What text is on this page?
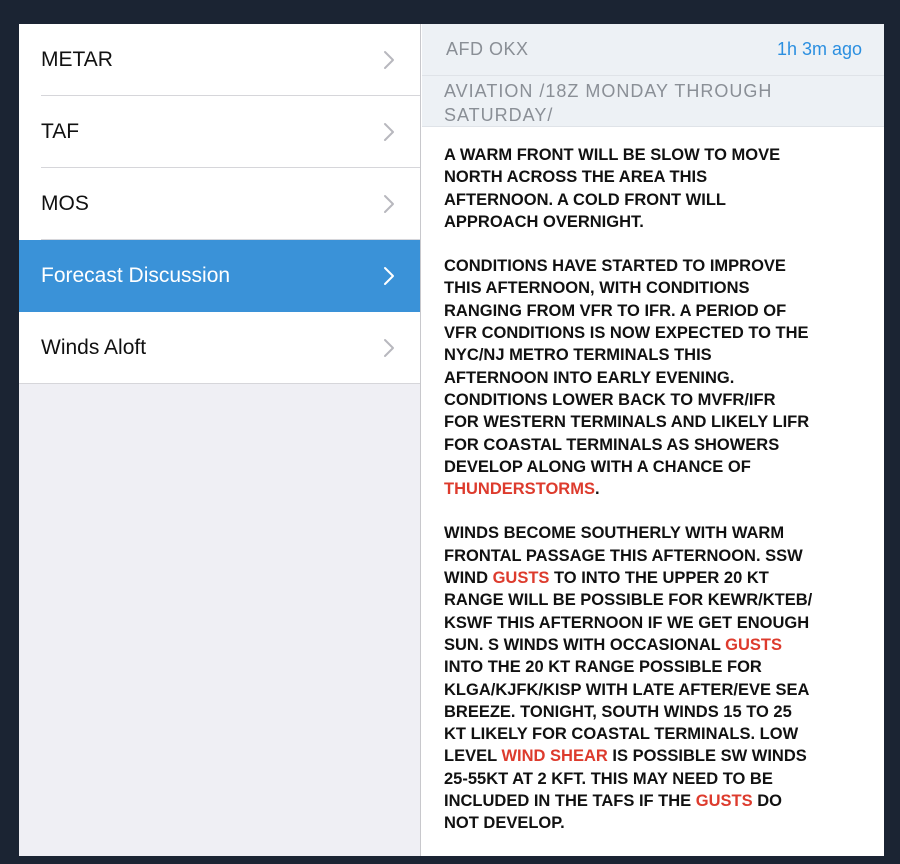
METAR
TAF
MOS
Forecast Discussion
Winds Aloft
AFD OKX	1h 3m ago
AVIATION /18Z MONDAY THROUGH SATURDAY/
A WARM FRONT WILL BE SLOW TO MOVE
NORTH ACROSS THE AREA THIS
AFTERNOON. A COLD FRONT WILL
APPROACH OVERNIGHT.
CONDITIONS HAVE STARTED TO IMPROVE
THIS AFTERNOON, WITH CONDITIONS
RANGING FROM VFR TO IFR. A PERIOD OF
VFR CONDITIONS IS NOW EXPECTED TO THE
NYC/NJ METRO TERMINALS THIS
AFTERNOON INTO EARLY EVENING.
CONDITIONS LOWER BACK TO MVFR/IFR
FOR WESTERN TERMINALS AND LIKELY LIFR
FOR COASTAL TERMINALS AS SHOWERS
DEVELOP ALONG WITH A CHANCE OF
THUNDERSTORMS.
WINDS BECOME SOUTHERLY WITH WARM
FRONTAL PASSAGE THIS AFTERNOON. SSW
WIND GUSTS TO INTO THE UPPER 20 KT
RANGE WILL BE POSSIBLE FOR KEWR/KTEB/
KSWF THIS AFTERNOON IF WE GET ENOUGH
SUN. S WINDS WITH OCCASIONAL GUSTS
INTO THE 20 KT RANGE POSSIBLE FOR
KLGA/KJFK/KISP WITH LATE AFTER/EVE SEA
BREEZE. TONIGHT, SOUTH WINDS 15 TO 25
KT LIKELY FOR COASTAL TERMINALS. LOW
LEVEL WIND SHEAR IS POSSIBLE SW WINDS
25-55KT AT 2 KFT. THIS MAY NEED TO BE
INCLUDED IN THE TAFS IF THE GUSTS DO
NOT DEVELOP.
